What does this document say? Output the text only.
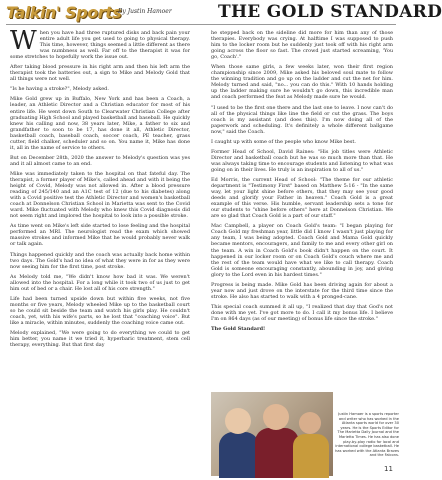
Talkin' Sports
By Justin Hamoer	THE GOLD STANDARD

When you have had three ruptured disks and back pain your entire adult life you get used to going to physical therapy. This time, however, things seemed a little different as there was numbness as well. Far off to the therapist it was for some stretches to hopefully work the issue out.

After taking blood pressure in his right arm and then his left arm the therapist took the batteries out, a sign to Mike and Melody Gold that all things were not well.

"Is he having a stroke?", Melody asked.

Mike Gold grew up in Buffalo, New York and has been a Coach, a leader, an Athletic Director and a Christian educator for most of his entire life. He went down South to Clearwater Christian College after graduating High School and played basketball and baseball. He quickly knew his calling and now, 38 years later, Mike, a father to six and grandfather to soon to be 17, has done it all, Athletic Director, basketball coach, baseball coach, soccer coach, PE teacher, grass cutter, field chalker, scheduler and so on. You name it, Mike has done it, all in the name of service to others.

But on December 28th, 2020 the answer to Melody's question was yes and it all almost came to an end.

Mike was immediately taken to the hospital on that fateful day. The therapist, a former player of Mike's, called ahead and with it being the height of Covid, Melody was not allowed in. After a blood pressure reading of 245/140 and an A1C test of 12 (due to his diabetes) along with a Covid positive test the Athletic Director and women's basketball coach at Donnelson Christian School in Marietta was sent to the Covid ward. Mike fluctuated with Melody who knew this Covid diagnosis did not seem right and implored the hospital to look into a possible stroke.

As time went on Mike's left side started to lose feeling and the hospital performed an MRI. The neurologist read the exam which showed massive strokes and informed Mike that he would probably never walk or talk again.

Things happened quickly and the coach was actually back home within two days. The Gold's had no idea of what they were in for as they were now seeing him for the first time, post stroke.

As Melody told me, "We didn't know how bad it was. We weren't allowed into the hospital. For a long while it took two of us just to get him out of bed or a chair. He lost all of his core strength."

Life had been turned upside down but within five weeks, not five months or five years, Melody wheeled Mike up to the basketball court so he could sit beside the team and watch his girls play. He couldn't coach, yet, with his wife's parts, so he lost that "coaching voice". But like a miracle, within minutes, suddenly the coaching voice came out.

Melody explained, "We were going to do everything we could to get him better, you name it we tried it, hyperbaric treatment, stem cell therapy, everything. But that first day

he stepped back on the sideline did more for him than any of those therapies. Everybody was crying. At halftime I was supposed to push him to the locker room but he suddenly just took off with his right arm going across the floor so fast. The crowd just started screaming, 'You go, Coach'."

When those same girls, a few weeks later, won their first region championship since 2009, Mike asked his beloved soul mate to follow the winning tradition and go up on the ladder and cut the net for him. Melody turned and said, "no... you can do this." With 10 hands holding up the ladder making sure he wouldn't go down, this incredible man and coach performed the feat as Melody made sure he would.

"I used to be the first one there and the last one to leave. I now can't do all of the physical things like line the field or cut the grass. The boys coach is my assistant (and does this). I'm now doing all of the paperwork and scheduling. It's definitely a whole different ballgame now," said the Coach.

I caught up with some of the people who know Mike best.

Former Head of School, David Raines: "His job titles were Athletic Director and basketball coach but he was so much more than that. He was always taking time to encourage students and listening to what was going on in their lives. He truly is an inspiration to all of us."

Ed Morris, the current Head of School: "The theme for our athletic department is "Testimony First" based on Matthew 5:16 - "In the same way, let your light shine before others, that they may see your good deeds and glorify your Father in heaven." Coach Gold is a great example of this verse. His humble, servant leadership sets a tone for our students to "shine before others" here at Donnelson Christian. We are so glad that Coach Gold is a part of our staff."

Mac Campbell, a player on Coach Gold's team: "I began playing for Coach Gold my freshman year, little did I know I wasn't just playing for any team, I was being adopted. Coach Gold and Mama Gold quickly became mentors, encouragers, and family to me and every other girl on the team. A win in Coach Gold's book didn't happen on the court. It happened in our locker room or on Coach Gold's couch where me and the rest of the team would have what we like to call therapy. Coach Gold is someone encouraging constantly, abounding in joy, and giving glory to the Lord even in his hardest times."

Progress is being made. Mike Gold has been driving again for about a year now and just drove on the interstate for the third time since the stroke. He also has started to walk with a 4 pronged-cane.

This special coach summed it all up, "I realized that day that God's not done with me yet. I've got more to do. I call it my bonus life. I believe I'm on 864 days (as of our meeting) of bonus life since the stroke."

The Gold Standard!

Justin Hamoer is a sports reporter and writer who has worked in the Atlanta sports world for over 30 years. He is the Sports Editor for The Marietta Daily Journal and the Marietta Times. He has also done play-by-play radio for local and international college basketball. He has worked with the Atlanta Braves and the Falcons.
11
